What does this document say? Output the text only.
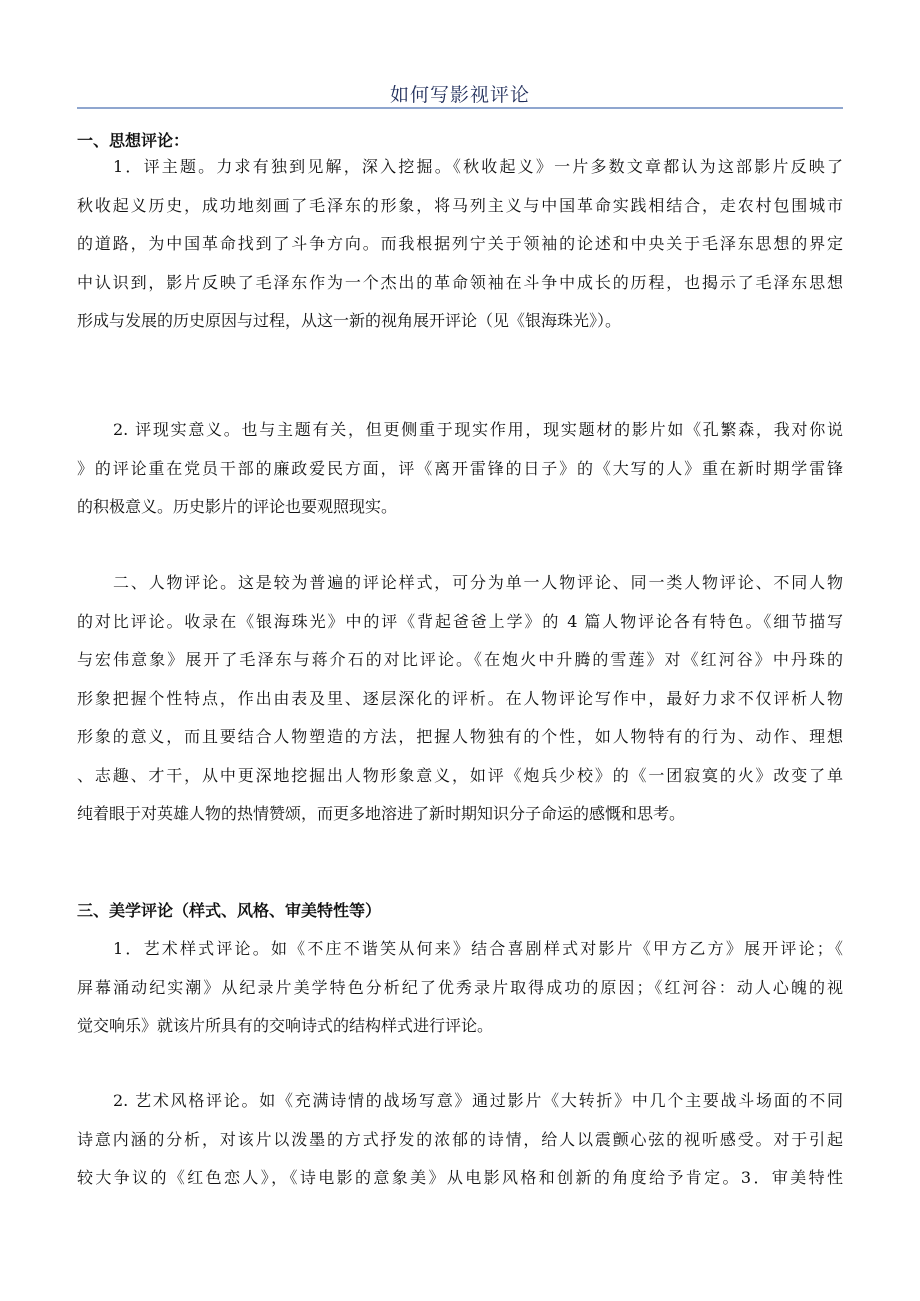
如何写影视评论
一、思想评论：
1．评主题。力求有独到见解，深入挖掘。《秋收起义》一片多数文章都认为这部影片反映了
秋收起义历史，成功地刻画了毛泽东的形象，将马列主义与中国革命实践相结合，走农村包围城市
的道路，为中国革命找到了斗争方向。而我根据列宁关于领袖的论述和中央关于毛泽东思想的界定
中认识到，影片反映了毛泽东作为一个杰出的革命领袖在斗争中成长的历程，也揭示了毛泽东思想
形成与发展的历史原因与过程，从这一新的视角展开评论（见《银海珠光》）。
2. 评现实意义。也与主题有关，但更侧重于现实作用，现实题材的影片如《孔繁森，我对你说
》的评论重在党员干部的廉政爱民方面，评《离开雷锋的日子》的《大写的人》重在新时期学雷锋
的积极意义。历史影片的评论也要观照现实。
二、人物评论。这是较为普遍的评论样式，可分为单一人物评论、同一类人物评论、不同人物
的对比评论。收录在《银海珠光》中的评《背起爸爸上学》的 4 篇人物评论各有特色。《细节描写
与宏伟意象》展开了毛泽东与蒋介石的对比评论。《在炮火中升腾的雪莲》对《红河谷》中丹珠的
形象把握个性特点，作出由表及里、逐层深化的评析。在人物评论写作中，最好力求不仅评析人物
形象的意义，而且要结合人物塑造的方法，把握人物独有的个性，如人物特有的行为、动作、理想
、志趣、才干，从中更深地挖掘出人物形象意义，如评《炮兵少校》的《一团寂寞的火》改变了单
纯着眼于对英雄人物的热情赞颂，而更多地溶进了新时期知识分子命运的感慨和思考。
三、美学评论（样式、风格、审美特性等）
1．艺术样式评论。如《不庄不谐笑从何来》结合喜剧样式对影片《甲方乙方》展开评论；《
屏幕涌动纪实潮》从纪录片美学特色分析纪了优秀录片取得成功的原因；《红河谷：动人心魄的视
觉交响乐》就该片所具有的交响诗式的结构样式进行评论。
2. 艺术风格评论。如《充满诗情的战场写意》通过影片《大转折》中几个主要战斗场面的不同
诗意内涵的分析，对该片以泼墨的方式抒发的浓郁的诗情，给人以震颤心弦的视听感受。对于引起
较大争议的《红色恋人》，《诗电影的意象美》从电影风格和创新的角度给予肯定。3．审美特性
